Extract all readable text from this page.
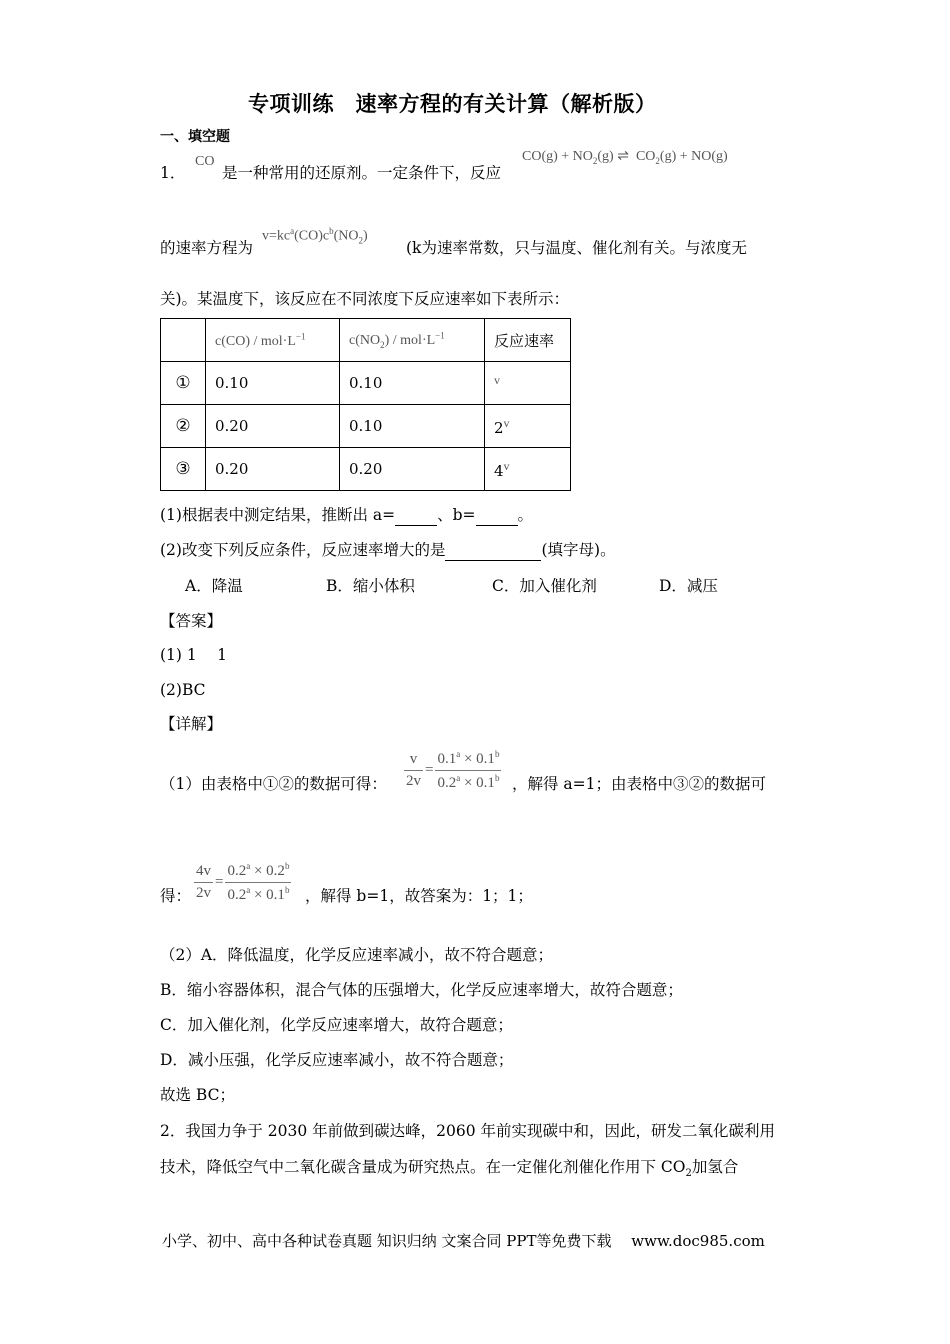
专项训练　速率方程的有关计算（解析版）
一、填空题
1．
CO
是一种常用的还原剂。一定条件下，反应
$CO(g) + NO_2(g)$ ⇌  $CO_2(g) + NO(g)$
的速率方程为
$v=kc^a(CO)c^b(NO_2)$
(k为速率常数，只与温度、催化剂有关。与浓度无
关)。某温度下，该反应在不同浓度下反应速率如下表所示：
	$c(CO) / mol\cdot L^{-1}$	$c(NO_2) / mol\cdot L^{-1}$	反应速率
①	0.10	0.10	$^v$
②	0.20	0.10	2$^v$
③	0.20	0.20	4$^v$
(1)根据表中测定结果，推断出 a=	、b=	。
(2)改变下列反应条件，反应速率增大的是	(填字母)。
A．降温	B．缩小体积	C．加入催化剂	D．减压
【答案】
(1) 1　 1
(2)BC
【详解】
（1）由表格中①②的数据可得： $\frac{v}{2v} = \frac{0.1^a \times 0.1^b}{0.2^a \times 0.1^b}$ ，解得 a=1；由表格中③②的数据可
得： $\frac{4v}{2v} = \frac{0.2^a \times 0.2^b}{0.2^a \times 0.1^b}$ ，解得 b=1，故答案为：1；1；
（2）A．降低温度，化学反应速率减小，故不符合题意；
B．缩小容器体积，混合气体的压强增大，化学反应速率增大，故符合题意；
C．加入催化剂，化学反应速率增大，故符合题意；
D．减小压强，化学反应速率减小，故不符合题意；
故选 BC；
2．我国力争于 2030 年前做到碳达峰，2060 年前实现碳中和，因此，研发二氧化碳利用
技术，降低空气中二氧化碳含量成为研究热点。在一定催化剂催化作用下 $CO_2$加氢合
小学、初中、高中各种试卷真题 知识归纳 文案合同 PPT等免费下载　 www.doc985.com
